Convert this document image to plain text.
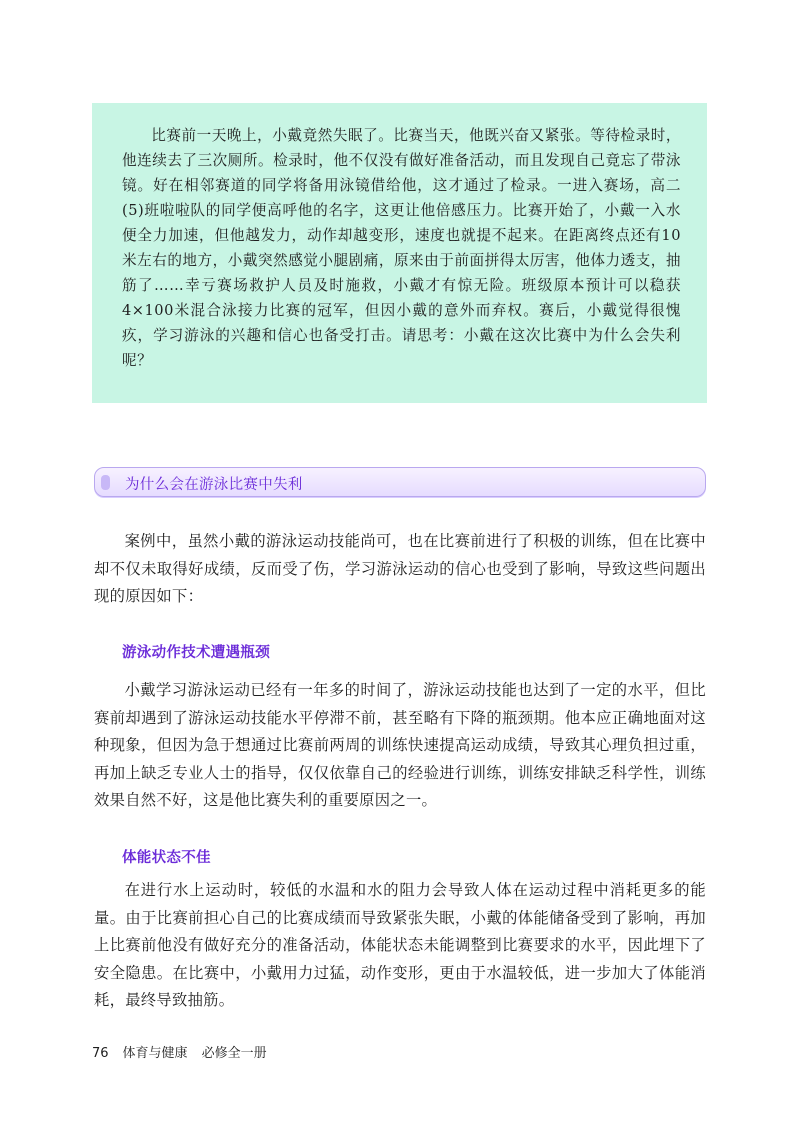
比赛前一天晚上，小戴竟然失眠了。比赛当天，他既兴奋又紧张。等待检录时，他连续去了三次厕所。检录时，他不仅没有做好准备活动，而且发现自己竟忘了带泳镜。好在相邻赛道的同学将备用泳镜借给他，这才通过了检录。一进入赛场，高二(5)班啦啦队的同学便高呼他的名字，这更让他倍感压力。比赛开始了，小戴一入水便全力加速，但他越发力，动作却越变形，速度也就提不起来。在距离终点还有10米左右的地方，小戴突然感觉小腿剧痛，原来由于前面拼得太厉害，他体力透支，抽筋了……幸亏赛场救护人员及时施救，小戴才有惊无险。班级原本预计可以稳获4×100米混合泳接力比赛的冠军，但因小戴的意外而弃权。赛后，小戴觉得很愧疚，学习游泳的兴趣和信心也备受打击。请思考：小戴在这次比赛中为什么会失利呢？

为什么会在游泳比赛中失利

案例中，虽然小戴的游泳运动技能尚可，也在比赛前进行了积极的训练，但在比赛中却不仅未取得好成绩，反而受了伤，学习游泳运动的信心也受到了影响，导致这些问题出现的原因如下：

游泳动作技术遭遇瓶颈

小戴学习游泳运动已经有一年多的时间了，游泳运动技能也达到了一定的水平，但比赛前却遇到了游泳运动技能水平停滞不前，甚至略有下降的瓶颈期。他本应正确地面对这种现象，但因为急于想通过比赛前两周的训练快速提高运动成绩，导致其心理负担过重，再加上缺乏专业人士的指导，仅仅依靠自己的经验进行训练，训练安排缺乏科学性，训练效果自然不好，这是他比赛失利的重要原因之一。

体能状态不佳

在进行水上运动时，较低的水温和水的阻力会导致人体在运动过程中消耗更多的能量。由于比赛前担心自己的比赛成绩而导致紧张失眠，小戴的体能储备受到了影响，再加上比赛前他没有做好充分的准备活动，体能状态未能调整到比赛要求的水平，因此埋下了安全隐患。在比赛中，小戴用力过猛，动作变形，更由于水温较低，进一步加大了体能消耗，最终导致抽筋。

76 体育与健康 必修全一册
